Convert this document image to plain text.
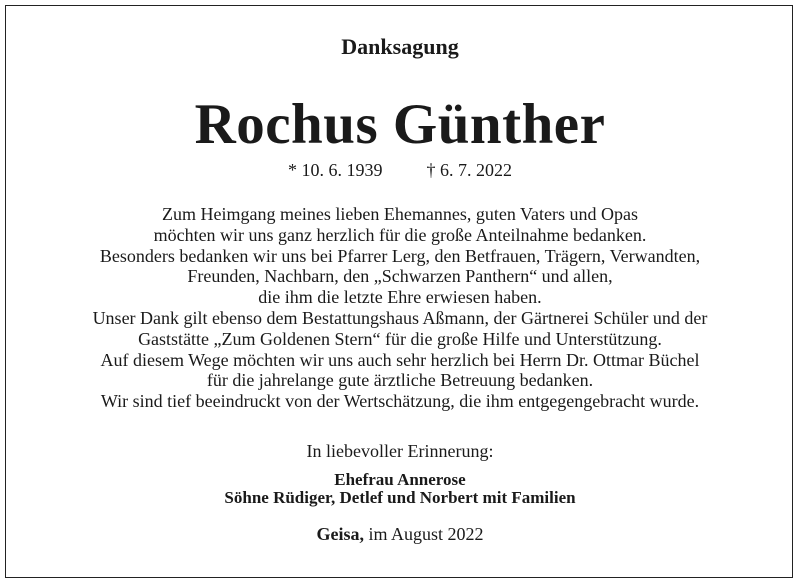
Danksagung
Rochus Günther
* 10. 6. 1939 † 6. 7. 2022
Zum Heimgang meines lieben Ehemannes, guten Vaters und Opas
möchten wir uns ganz herzlich für die große Anteilnahme bedanken.
Besonders bedanken wir uns bei Pfarrer Lerg, den Betfrauen, Trägern, Verwandten,
Freunden, Nachbarn, den „Schwarzen Panthern“ und allen,
die ihm die letzte Ehre erwiesen haben.
Unser Dank gilt ebenso dem Bestattungshaus Aßmann, der Gärtnerei Schüler und der
Gaststätte „Zum Goldenen Stern“ für die große Hilfe und Unterstützung.
Auf diesem Wege möchten wir uns auch sehr herzlich bei Herrn Dr. Ottmar Büchel
für die jahrelange gute ärztliche Betreuung bedanken.
Wir sind tief beeindruckt von der Wertschätzung, die ihm entgegengebracht wurde.
In liebevoller Erinnerung:
Ehefrau Annerose
Söhne Rüdiger, Detlef und Norbert mit Familien
Geisa, im August 2022
